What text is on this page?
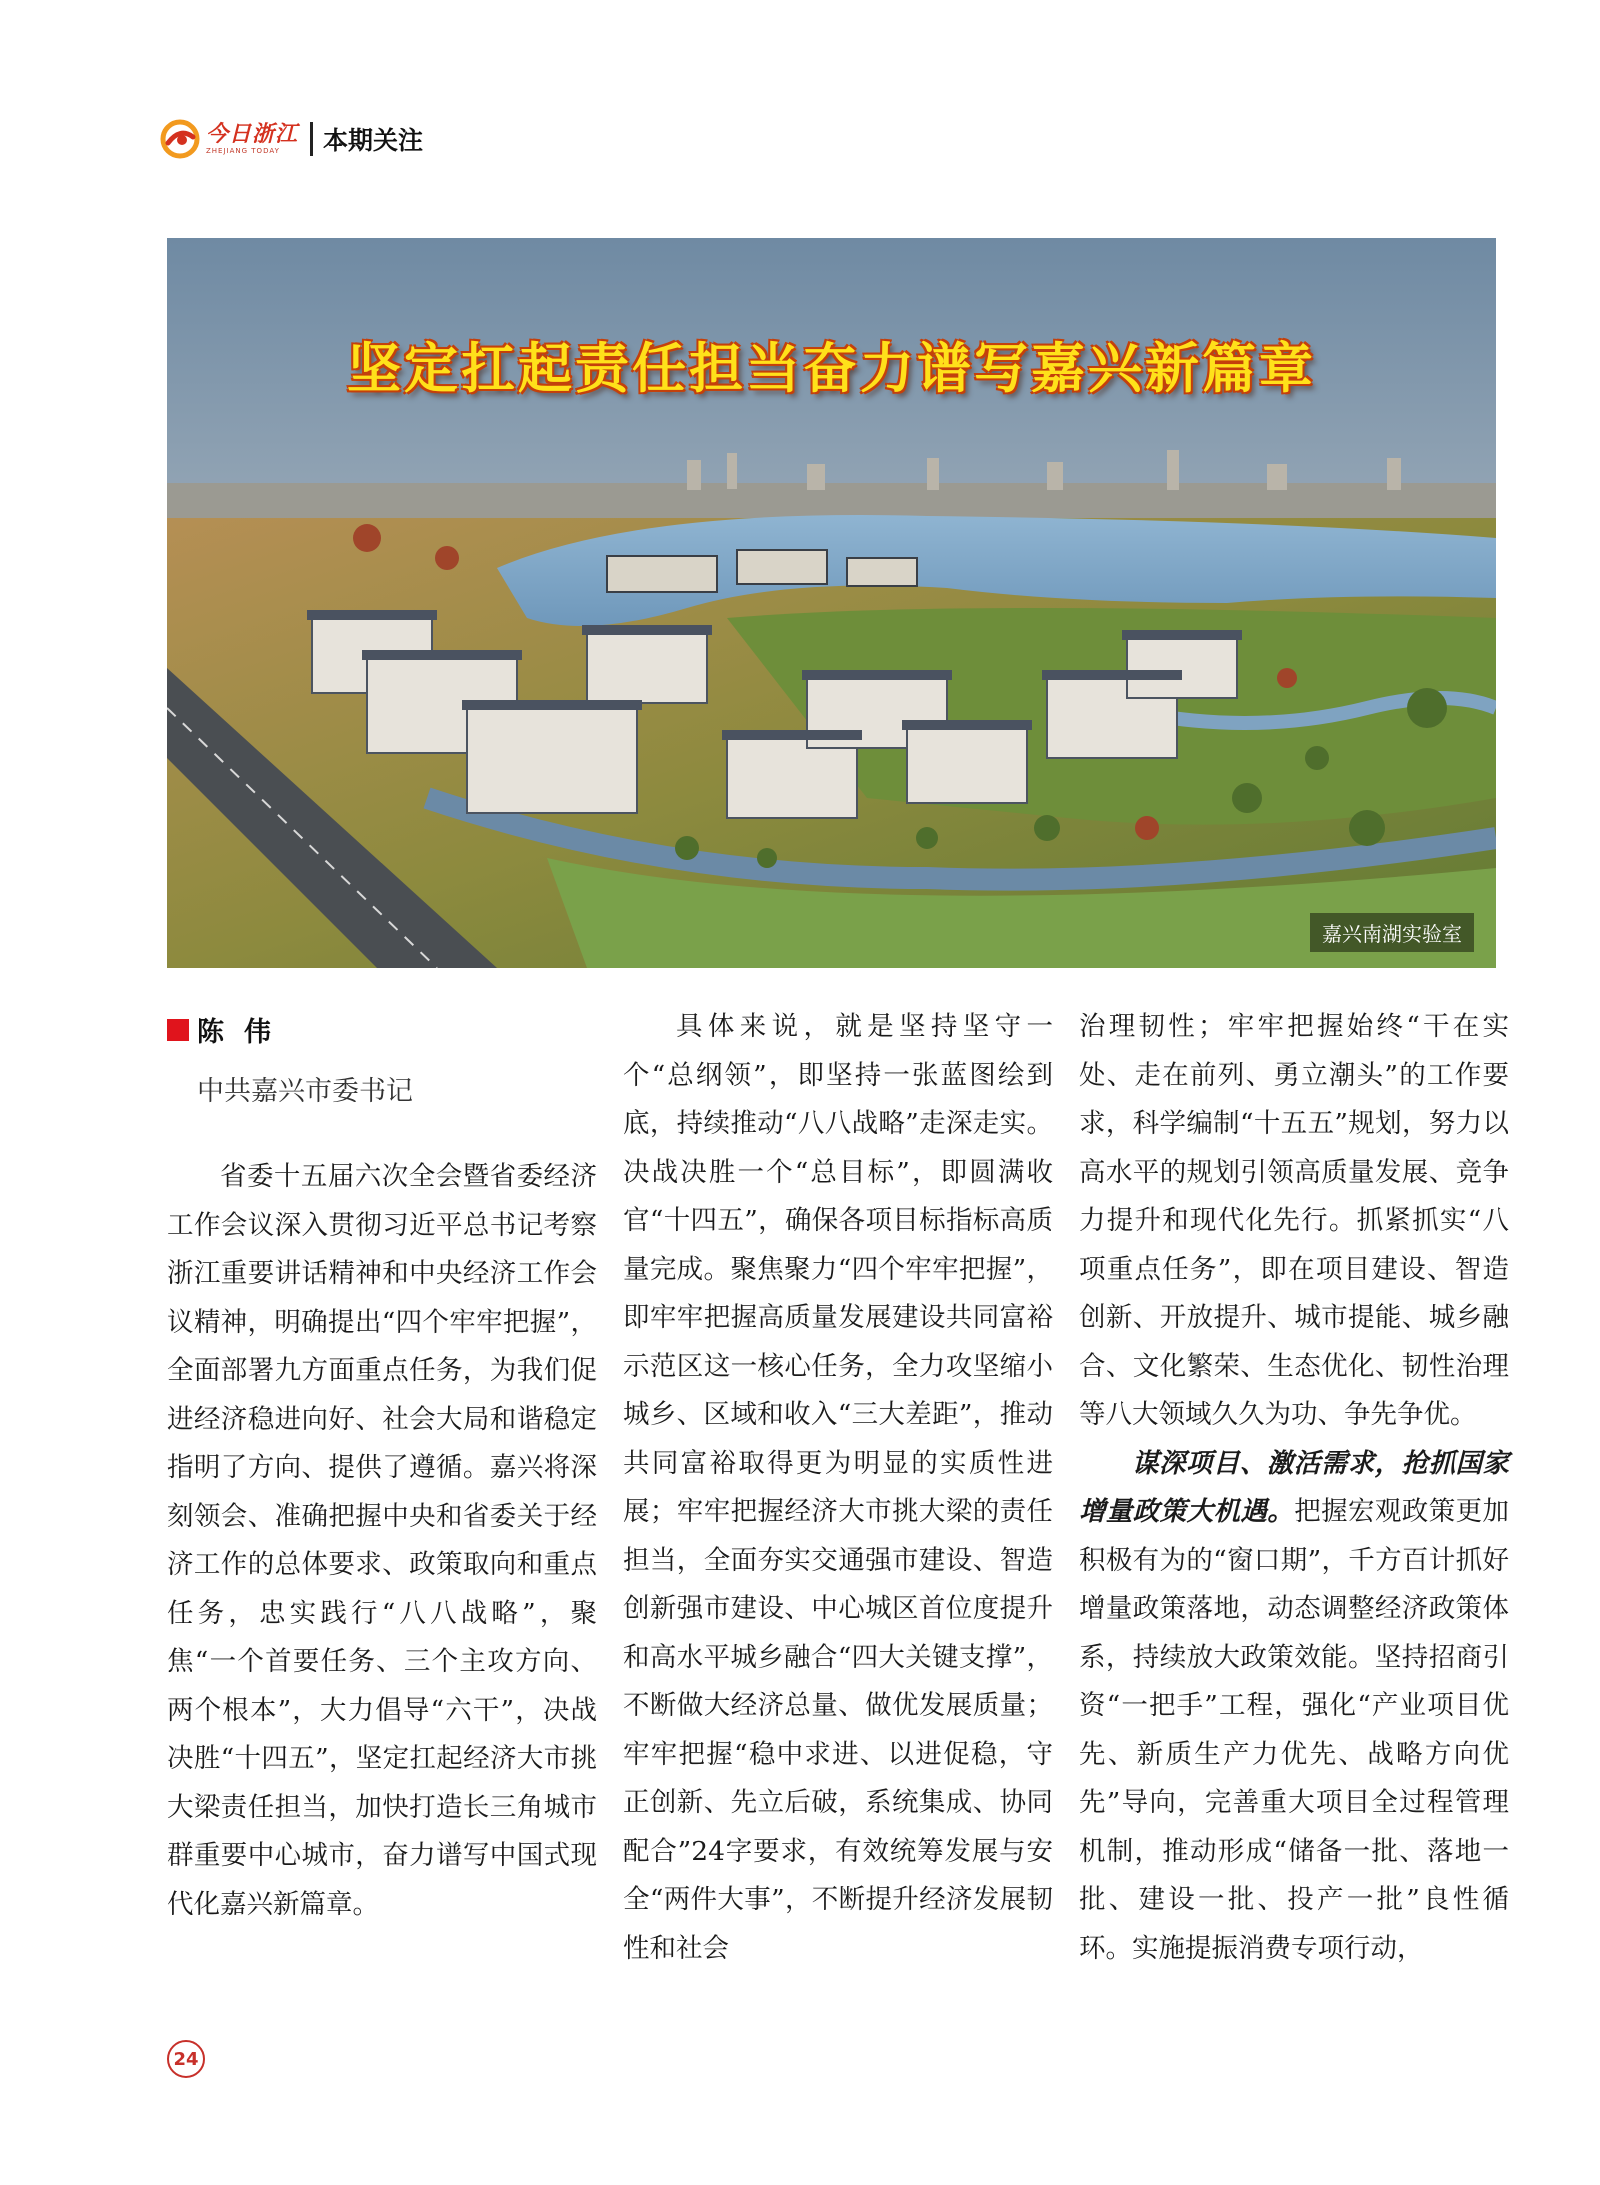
今日浙江
ZHEJIANG TODAY	本期关注
坚定扛起责任担当奋力谱写嘉兴新篇章
嘉兴南湖实验室
陈伟
中共嘉兴市委书记

省委十五届六次全会暨省委经济工作会议深入贯彻习近平总书记考察浙江重要讲话精神和中央经济工作会议精神，明确提出“四个牢牢把握”，全面部署九方面重点任务，为我们促进经济稳进向好、社会大局和谐稳定指明了方向、提供了遵循。嘉兴将深刻领会、准确把握中央和省委关于经济工作的总体要求、政策取向和重点任务，忠实践行“八八战略”，聚焦“一个首要任务、三个主攻方向、两个根本”，大力倡导“六干”，决战决胜“十四五”，坚定扛起经济大市挑大梁责任担当，加快打造长三角城市群重要中心城市，奋力谱写中国式现代化嘉兴新篇章。

具体来说，就是坚持坚守一个“总纲领”，即坚持一张蓝图绘到底，持续推动“八八战略”走深走实。决战决胜一个“总目标”，即圆满收官“十四五”，确保各项目标指标高质量完成。聚焦聚力“四个牢牢把握”，即牢牢把握高质量发展建设共同富裕示范区这一核心任务，全力攻坚缩小城乡、区域和收入“三大差距”，推动共同富裕取得更为明显的实质性进展；牢牢把握经济大市挑大梁的责任担当，全面夯实交通强市建设、智造创新强市建设、中心城区首位度提升和高水平城乡融合“四大关键支撑”，不断做大经济总量、做优发展质量；牢牢把握“稳中求进、以进促稳，守正创新、先立后破，系统集成、协同配合”24字要求，有效统筹发展与安全“两件大事”，不断提升经济发展韧性和社会

治理韧性；牢牢把握始终“干在实处、走在前列、勇立潮头”的工作要求，科学编制“十五五”规划，努力以高水平的规划引领高质量发展、竞争力提升和现代化先行。抓紧抓实“八项重点任务”，即在项目建设、智造创新、开放提升、城市提能、城乡融合、文化繁荣、生态优化、韧性治理等八大领域久久为功、争先争优。

谋深项目、激活需求，抢抓国家增量政策大机遇。把握宏观政策更加积极有为的“窗口期”，千方百计抓好增量政策落地，动态调整经济政策体系，持续放大政策效能。坚持招商引资“一把手”工程，强化“产业项目优先、新质生产力优先、战略方向优先”导向，完善重大项目全过程管理机制，推动形成“储备一批、落地一批、建设一批、投产一批”良性循环。实施提振消费专项行动，

24
